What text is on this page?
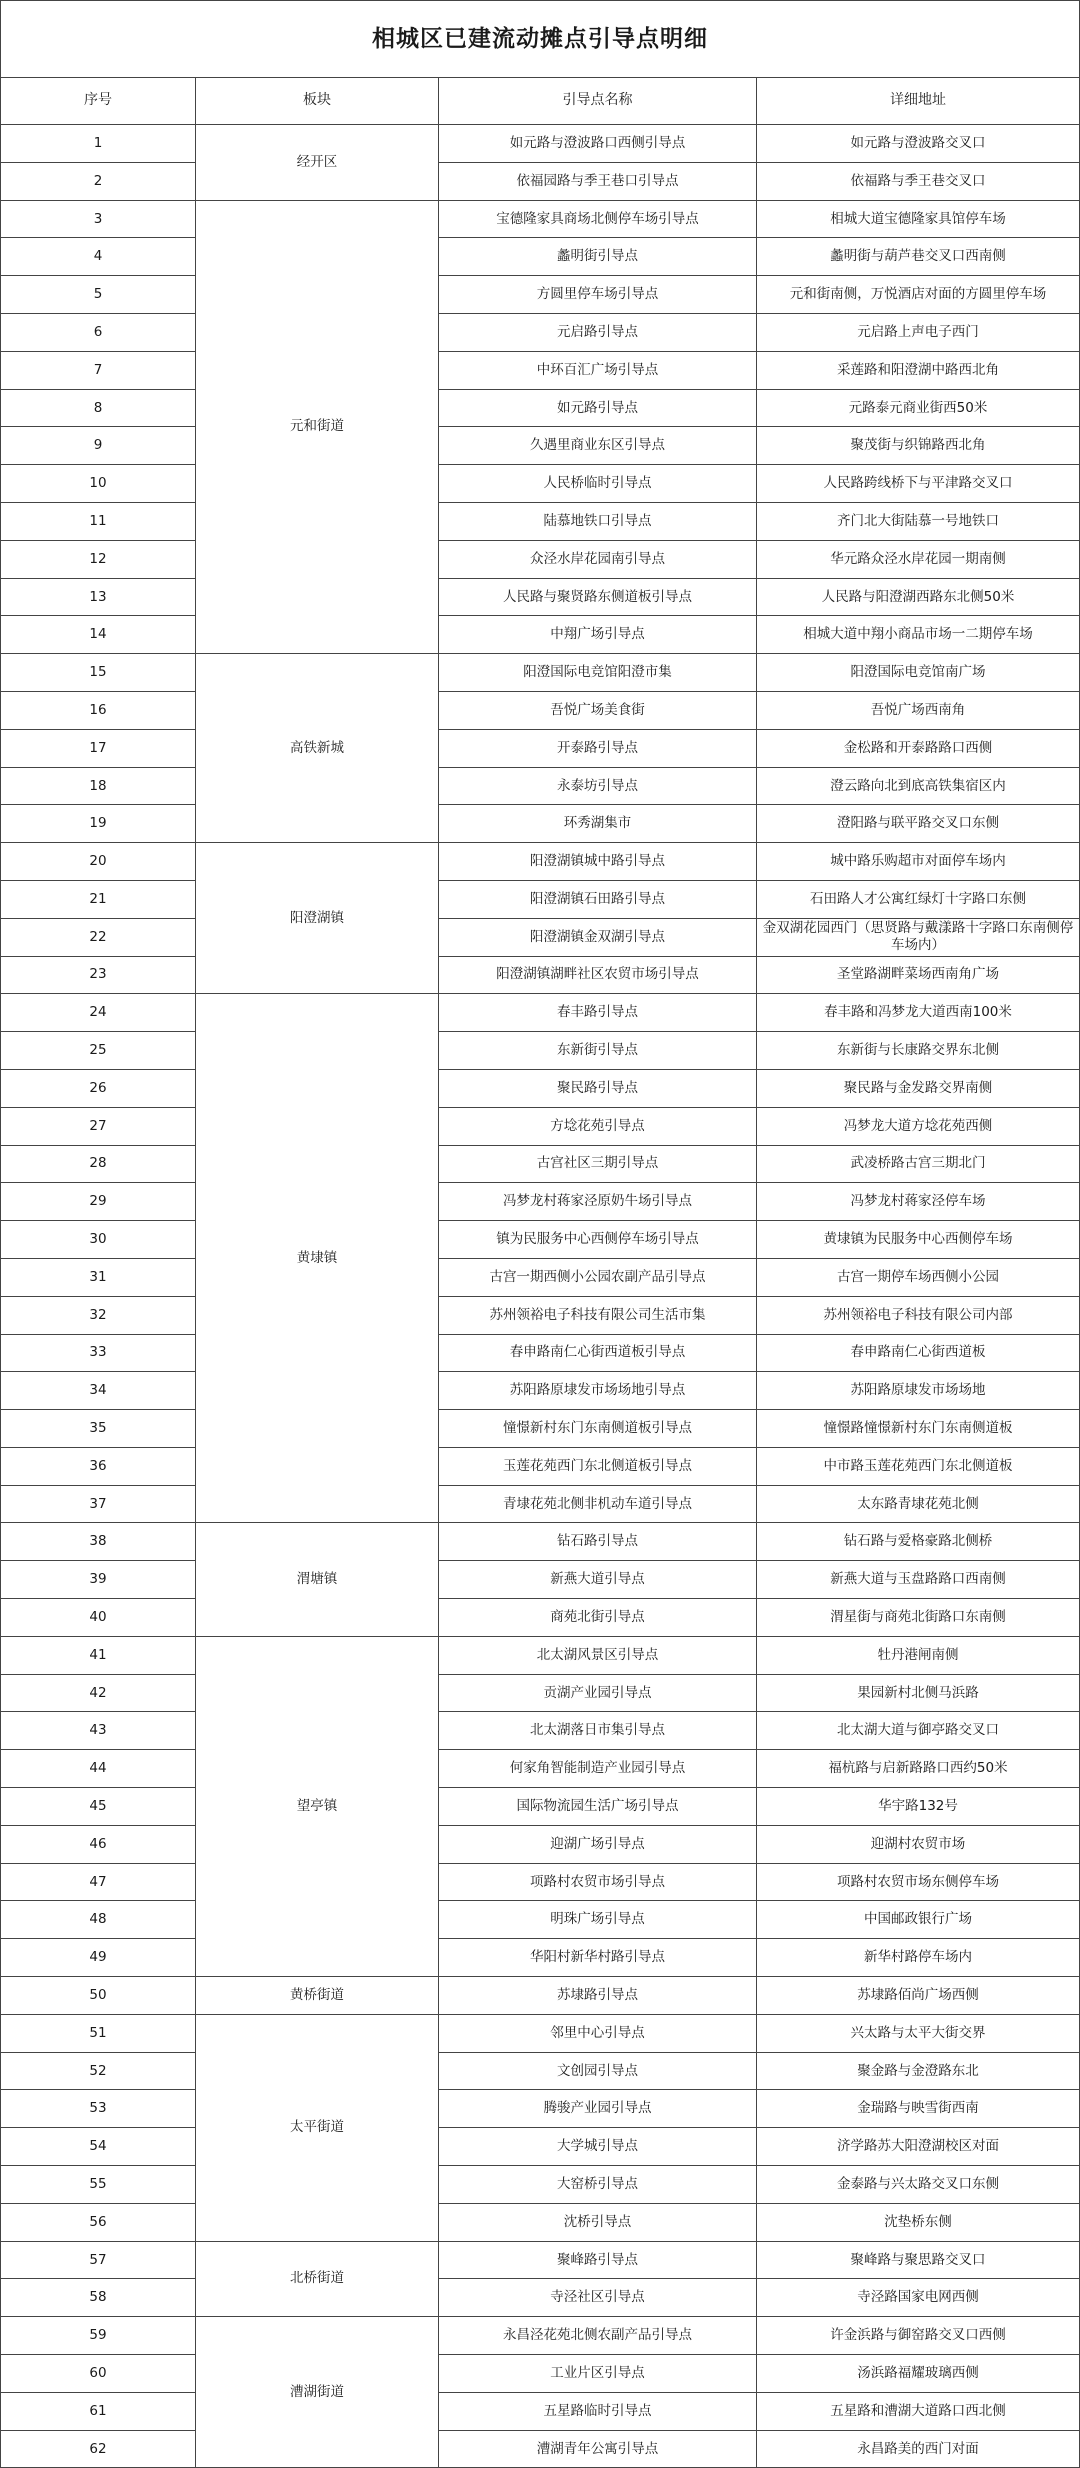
相城区已建流动摊点引导点明细			
序号	板块	引导点名称	详细地址
1	经开区	如元路与澄波路口西侧引导点	如元路与澄波路交叉口
2		依福园路与季王巷口引导点	依福路与季王巷交叉口
3	元和街道	宝德隆家具商场北侧停车场引导点	相城大道宝德隆家具馆停车场
4		蠡明街引导点	蠡明街与葫芦巷交叉口西南侧
5		方圆里停车场引导点	元和街南侧，万悦酒店对面的方圆里停车场
6		元启路引导点	元启路上声电子西门
7		中环百汇广场引导点	采莲路和阳澄湖中路西北角
8		如元路引导点	元路泰元商业街西50米
9		久遇里商业东区引导点	聚茂街与织锦路西北角
10		人民桥临时引导点	人民路跨线桥下与平津路交叉口
11		陆慕地铁口引导点	齐门北大街陆慕一号地铁口
12		众泾水岸花园南引导点	华元路众泾水岸花园一期南侧
13		人民路与聚贤路东侧道板引导点	人民路与阳澄湖西路东北侧50米
14		中翔广场引导点	相城大道中翔小商品市场一二期停车场
15	高铁新城	阳澄国际电竞馆阳澄市集	阳澄国际电竞馆南广场
16		吾悦广场美食街	吾悦广场西南角
17		开泰路引导点	金松路和开泰路路口西侧
18		永泰坊引导点	澄云路向北到底高铁集宿区内
19		环秀湖集市	澄阳路与联平路交叉口东侧
20	阳澄湖镇	阳澄湖镇城中路引导点	城中路乐购超市对面停车场内
21		阳澄湖镇石田路引导点	石田路人才公寓红绿灯十字路口东侧
22		阳澄湖镇金双湖引导点	金双湖花园西门（思贤路与戴漾路十字路口东南侧停车场内）
23		阳澄湖镇湖畔社区农贸市场引导点	圣堂路湖畔菜场西南角广场
24	黄埭镇	春丰路引导点	春丰路和冯梦龙大道西南100米
25		东新街引导点	东新街与长康路交界东北侧
26		聚民路引导点	聚民路与金发路交界南侧
27		方埝花苑引导点	冯梦龙大道方埝花苑西侧
28		古宫社区三期引导点	武凌桥路古宫三期北门
29		冯梦龙村蒋家泾原奶牛场引导点	冯梦龙村蒋家泾停车场
30		镇为民服务中心西侧停车场引导点	黄埭镇为民服务中心西侧停车场
31		古宫一期西侧小公园农副产品引导点	古宫一期停车场西侧小公园
32		苏州领裕电子科技有限公司生活市集	苏州领裕电子科技有限公司内部
33		春申路南仁心街西道板引导点	春申路南仁心街西道板
34		苏阳路原埭发市场场地引导点	苏阳路原埭发市场场地
35		憧憬新村东门东南侧道板引导点	憧憬路憧憬新村东门东南侧道板
36		玉莲花苑西门东北侧道板引导点	中市路玉莲花苑西门东北侧道板
37		青埭花苑北侧非机动车道引导点	太东路青埭花苑北侧
38	渭塘镇	钻石路引导点	钻石路与爱格豪路北侧桥
39		新燕大道引导点	新燕大道与玉盘路路口西南侧
40		商苑北街引导点	渭星街与商苑北街路口东南侧
41	望亭镇	北太湖风景区引导点	牡丹港闸南侧
42		贡湖产业园引导点	果园新村北侧马浜路
43		北太湖落日市集引导点	北太湖大道与御亭路交叉口
44		何家角智能制造产业园引导点	福杭路与启新路路口西约50米
45		国际物流园生活广场引导点	华宇路132号
46		迎湖广场引导点	迎湖村农贸市场
47		项路村农贸市场引导点	项路村农贸市场东侧停车场
48		明珠广场引导点	中国邮政银行广场
49		华阳村新华村路引导点	新华村路停车场内
50	黄桥街道	苏埭路引导点	苏埭路佰尚广场西侧
51	太平街道	邻里中心引导点	兴太路与太平大街交界
52		文创园引导点	聚金路与金澄路东北
53		腾骏产业园引导点	金瑞路与映雪街西南
54		大学城引导点	济学路苏大阳澄湖校区对面
55		大窑桥引导点	金泰路与兴太路交叉口东侧
56		沈桥引导点	沈垫桥东侧
57	北桥街道	聚峰路引导点	聚峰路与聚思路交叉口
58		寺泾社区引导点	寺泾路国家电网西侧
59	漕湖街道	永昌泾花苑北侧农副产品引导点	许金浜路与御窑路交叉口西侧
60		工业片区引导点	汤浜路福耀玻璃西侧
61		五星路临时引导点	五星路和漕湖大道路口西北侧
62		漕湖青年公寓引导点	永昌路美的西门对面
